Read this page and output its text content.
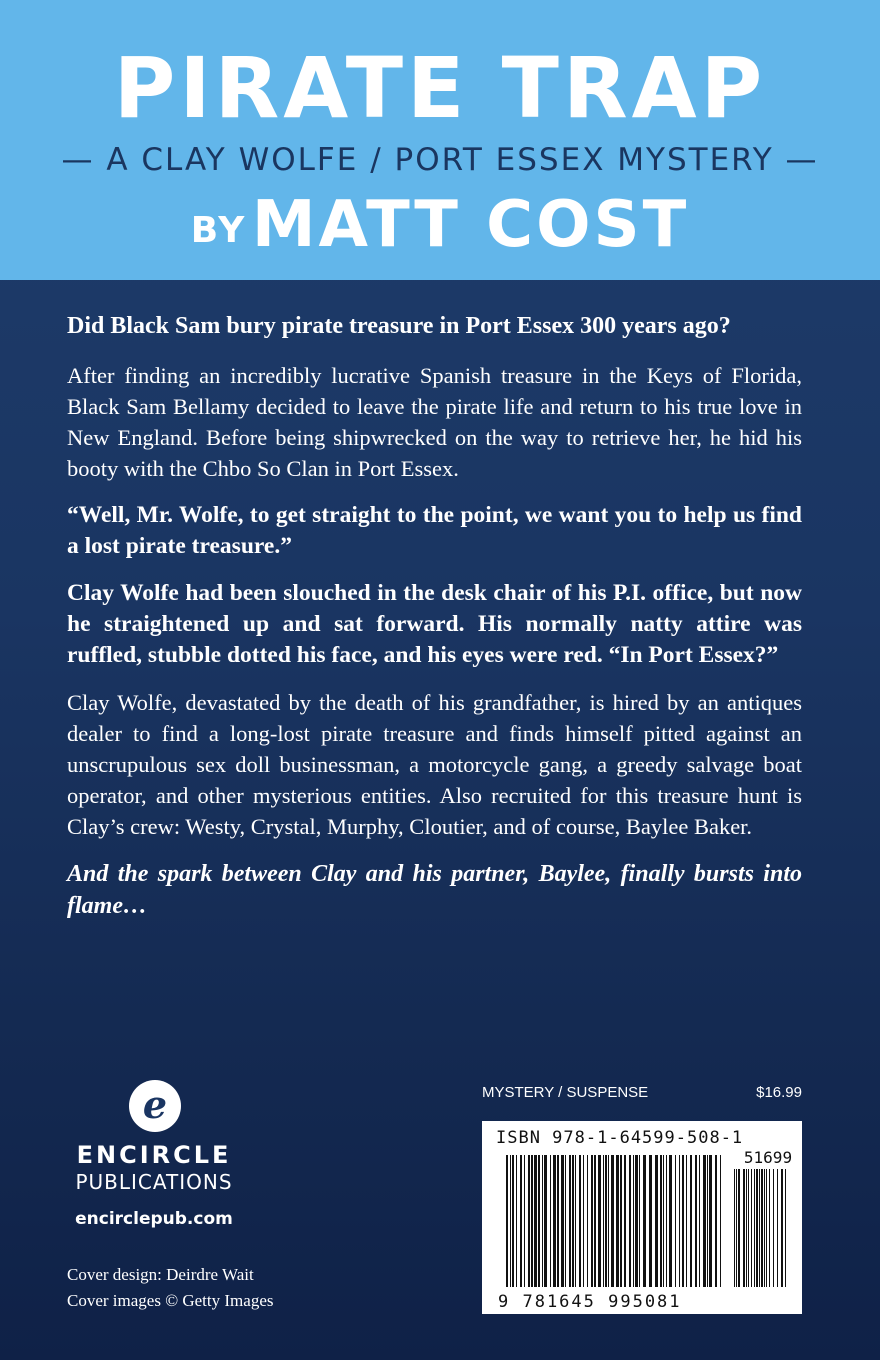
PIRATE TRAP
— A CLAY WOLFE / PORT ESSEX MYSTERY —
BY MATT COST

Did Black Sam bury pirate treasure in Port Essex 300 years ago?

After finding an incredibly lucrative Spanish treasure in the Keys of Florida, Black Sam Bellamy decided to leave the pirate life and return to his true love in New England. Before being shipwrecked on the way to retrieve her, he hid his booty with the Chbo So Clan in Port Essex.

“Well, Mr. Wolfe, to get straight to the point, we want you to help us find a lost pirate treasure.”

Clay Wolfe had been slouched in the desk chair of his P.I. office, but now he straightened up and sat forward. His normally natty attire was ruffled, stubble dotted his face, and his eyes were red. “In Port Essex?”

Clay Wolfe, devastated by the death of his grandfather, is hired by an antiques dealer to find a long-lost pirate treasure and finds himself pitted against an unscrupulous sex doll businessman, a motorcycle gang, a greedy salvage boat operator, and other mysterious entities. Also recruited for this treasure hunt is Clay’s crew: Westy, Crystal, Murphy, Cloutier, and of course, Baylee Baker.

And the spark between Clay and his partner, Baylee, finally bursts into flame…

e
ENCIRCLE
PUBLICATIONS
encirclepub.com
Cover design: Deirdre Wait
Cover images © Getty Images
MYSTERY / SUSPENSE	$16.99
ISBN 978-1-64599-508-1
51699
9 781645 995081
